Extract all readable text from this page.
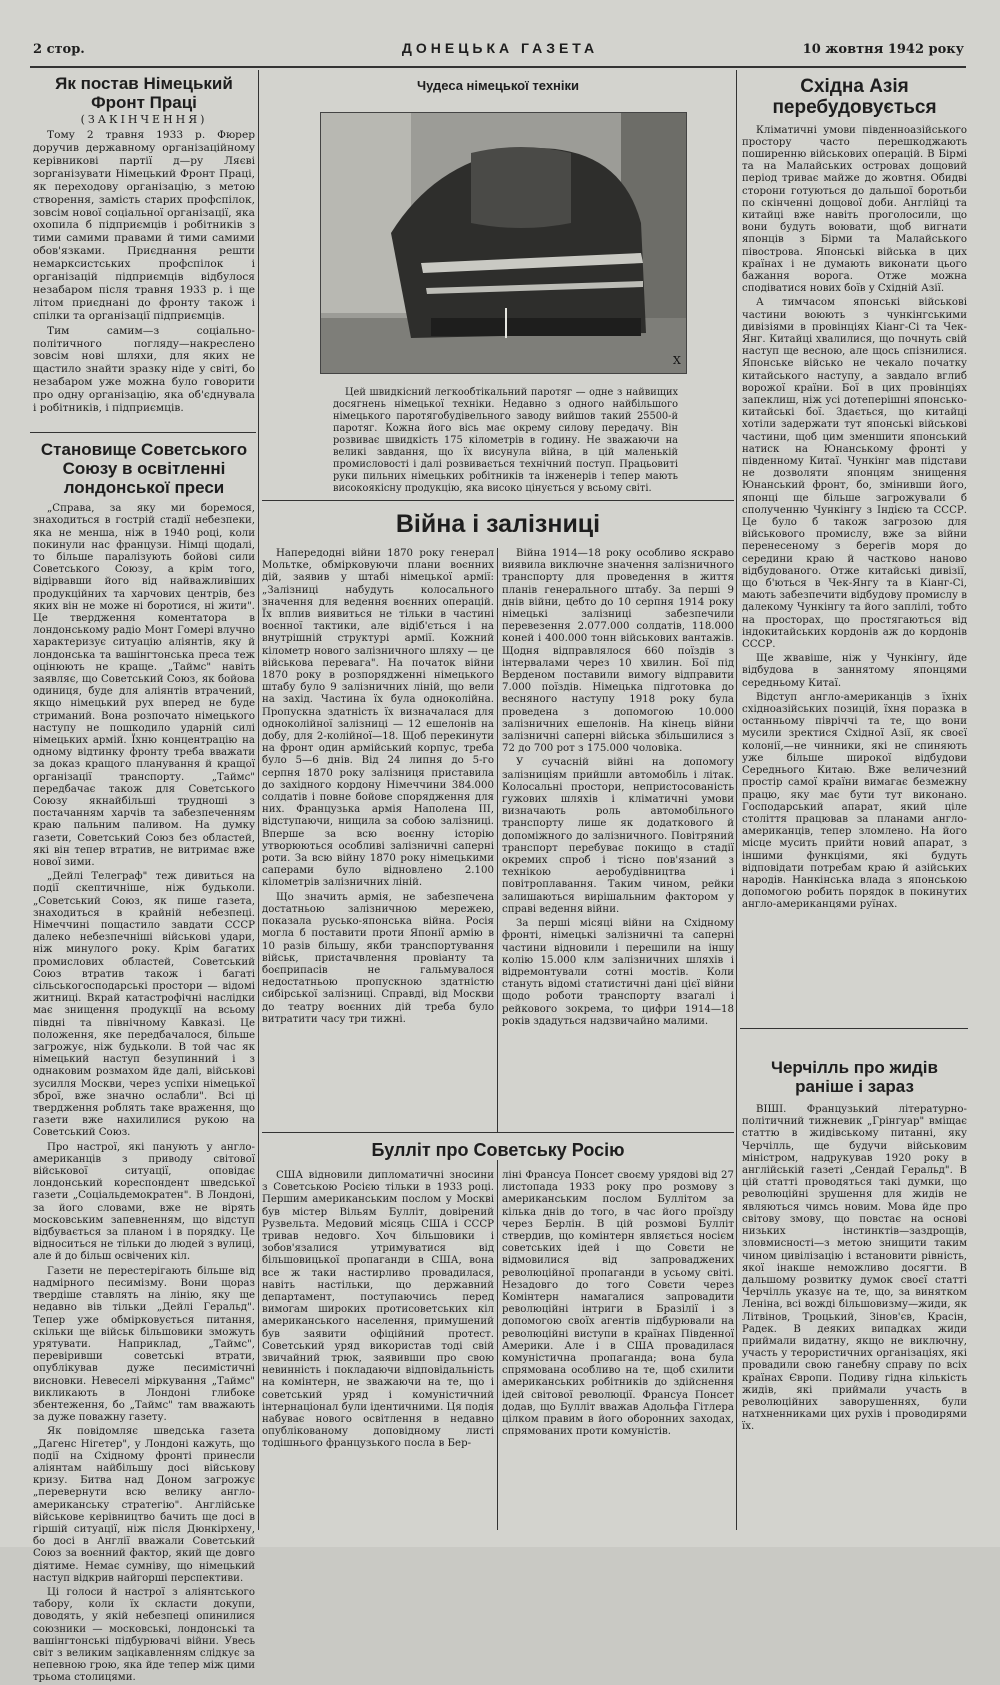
2 стор.	ДОНЕЦЬКА ГАЗЕТА	10 жовтня 1942 року
Як постав Німецький Фронт Праці
(ЗАКІНЧЕННЯ)

Тому 2 травня 1933 р. Фюрер доручив державному організаційному керівникові партії д—ру Ляєві зорганізувати Німецький Фронт Праці, як переходову організацію, з метою створення, замість старих профспілок, зовсім нової соціальної організації, яка охопила б підприємців і робітників з тими самими правами й тими самими обов'язками. Приєднання решти немарксистських профспілок і організацій підприємців відбулося незабаром після травня 1933 р. і ще літом приєднані до фронту також і спілки та організації підприємців.

Тим самим—з соціально-політичного погляду—накреслено зовсім нові шляхи, для яких не щастило знайти зразку ніде у світі, бо незабаром уже можна було говорити про одну організацію, яка об'єднувала і робітників, і підприємців.

Становище Советського Союзу в освітленні лондонської преси

„Справа, за яку ми боремося, знаходиться в гострій стадії небезпеки, яка не менша, ніж в 1940 році, коли покинули нас французи. Німці щодалі, то більше паралізують бойові сили Советського Союзу, а крім того, відірвавши його від найважливіших продукційних та харчових центрів, без яких він не може ні боротися, ні жити". Це твердження коментатора в лондонському радіо Монт Гомері влучно характеризує ситуацію аліянтів, яку й лондонська та вашінгтонська преса теж оцінюють не краще. „Таймс" навіть заявляє, що Советський Союз, як бойова одиниця, буде для аліянтів втрачений, якщо німецький рух вперед не буде стриманий. Вона розпочато німецького наступу не пошкодило ударній силі німецьких армій. Їхню концентрацію на одному відтинку фронту треба вважати за доказ кращого планування й кращої організації транспорту. „Таймс" передбачає також для Советського Союзу якнайбільші трудноші з постачанням харчів та забезпеченням краю пальним паливом. На думку газети, Советський Союз без областей, які він тепер втратив, не витримає вже нової зими.

„Дейлі Телеграф" теж дивиться на події скептичніше, ніж будьколи. „Советський Союз, як пише газета, знаходиться в крайній небезпеці. Німеччині пощастило завдати СССР далеко небезпечніші військові удари, ніж минулого року. Крім багатих промислових областей, Советський Союз втратив також і багаті сільськогосподарські простори — відомі житниці. Вкрай катастрофічні наслідки має знищення продукції на всьому півдні та північному Кавказі. Це положення, яке передбачалося, більше загрожує, ніж будьколи. В той час як німецький наступ безупинний і з однаковим розмахом йде далі, військові зусилля Москви, через успіхи німецької зброї, вже значно ослабли". Всі ці твердження роблять таке враження, що газети вже нахилилися рукою на Советський Союз.

Про настрої, які панують у англо-американців з приводу світової військової ситуації, оповідає лондонський кореспондент шведської газети „Соціальдемократен". В Лондоні, за його словами, вже не вірять московським запевненням, що відступ відбувається за планом і в порядку. Це відноситься не тільки до людей з вулиці, але й до більш освічених кіл.

Газети не перестерігають більше від надмірного песимізму. Вони щораз твердіше ставлять на лінію, яку ще недавно вів тільки „Дейлі Геральд". Тепер уже обмірковується питання, скільки ще військ більшовики зможуть урятувати. Наприклад, „Таймс", перевіривши советські втрати, опублікував дуже песимістичні висновки. Невеселі міркування „Таймс" викликають в Лондоні глибоке збентеження, бо „Таймс" там вважають за дуже поважну газету.

Як повідомляє шведська газета „Дагенс Нігетер", у Лондоні кажуть, що події на Східному фронті принесли аліянтам найбільшу досі військову кризу. Битва над Доном загрожує „перевернути всю велику англо-американську стратегію". Англійське військове керівництво бачить ще досі в гіршій ситуації, ніж після Дюнкірхену, бо досі в Англії вважали Советський Союз за воєнний фактор, який ще довго діятиме. Немає сумніву, що німецький наступ відкрив найгорші перспективи.

Ці голоси й настрої з аліянтського табору, коли їх скласти докупи, доводять, у якій небезпеці опинилися союзники — московські, лондонські та вашінгтонські підбурювачі війни. Увесь світ з великим зацікавленням слідкує за непевною грою, яка йде тепер між цими трьома столицями.

Чудеса німецької техніки
Х
Цей швидкісний легкообтікальний паротяг — одне з найвищих досягнень німецької техніки. Недавно з одного найбільшого німецького паротягобудівельного заводу вийшов такий 25500-й паротяг. Кожна його вісь має окрему силову передачу. Він розвиває швидкість 175 кілометрів в годину. Не зважаючи на великі завдання, що їх висунула війна, в цій маленькій промисловості і далі розвивається технічний поступ. Працьовиті руки пильних німецьких робітників та інженерів і тепер мають високоякісну продукцію, яка високо цінується у всьому світі.
Війна і залізниці

Напередодні війни 1870 року генерал Мольтке, обмірковуючи плани воєнних дій, заявив у штабі німецької армії: „Залізниці набудуть колосального значення для ведення воєнних операцій. Їх вплив виявиться не тільки в частині воєнної тактики, але відіб'ється і на внутрішній структурі армії. Кожний кілометр нового залізничного шляху — це військова перевага". На початок війни 1870 року в розпорядженні німецького штабу було 9 залізничних ліній, що вели на захід. Частина їх була одноколійна. Пропускна здатність їх визначалася для одноколійної залізниці — 12 ешелонів на добу, для 2-колійної—18. Щоб перекинути на фронт один армійський корпус, треба було 5—6 днів. Від 24 липня до 5-го серпня 1870 року залізниця приставила до західного кордону Німеччини 384.000 солдатів і повне бойове спорядження для них. Французька армія Наполена III, відступаючи, нищила за собою залізниці. Вперше за всю воєнну історію утворюються особливі залізничні саперні роти. За всю війну 1870 року німецькими саперами було відновлено 2.100 кілометрів залізничних ліній.

Що значить армія, не забезпечена достатньою залізничною мережею, показала русько-японська війна. Росія могла б поставити проти Японії армію в 10 разів більшу, якби транспортування військ, пристачвлення провіанту та боєприпасів не гальмувалося недостатньою пропускною здатністю сибірської залізниці. Справді, від Москви до театру воєнних дій треба було витратити часу три тижні.

Війна 1914—18 року особливо яскраво виявила виключне значення залізничного транспорту для проведення в життя планів генерального штабу. За перші 9 днів війни, цебто до 10 серпня 1914 року німецькі залізниці забезпечили перевезення 2.077.000 солдатів, 118.000 коней і 400.000 тонн військових вантажів. Щодня відправлялося 660 поїздів з інтервалами через 10 хвилин. Бої під Верденом поставили вимогу відправити 7.000 поїздів. Німецька підготовка до весняного наступу 1918 року була проведена з допомогою 10.000 залізничних ешелонів. На кінець війни залізничні саперні війська збільшилися з 72 до 700 рот з 175.000 чоловіка.

У сучасній війні на допомогу залізниціям прийшли автомобіль і літак. Колосальні простори, непристосованість гужових шляхів і кліматичні умови визначають роль автомобільного транспорту лише як додаткового й допоміжного до залізничного. Повітряний транспорт перебуває покищо в стадії окремих спроб і тісно пов'язаний з технікою аеробудівництва і повітроплавання. Таким чином, рейки залишаються вирішальним фактором у справі ведення війни.

За перші місяці війни на Східному фронті, німецькі залізничні та саперні частини відновили і перешили на іншу колію 15.000 клм залізничних шляхів і відремонтували сотні мостів. Коли стануть відомі статистичні дані цієї війни щодо роботи транспорту взагалі і рейкового зокрема, то цифри 1914—18 років здадуться надзвичайно малими.

Буллiт про Советську Росію

США відновили дипломатичні зносини з Советською Росією тільки в 1933 році. Першим американським послом у Москві був містер Вільям Булліт, довірений Рузвельта. Медовий місяць США і СССР тривав недовго. Хоч більшовики і зобов'язалися утримуватися від більшовицької пропаганди в США, вона все ж таки настирливо провадилася, навіть настільки, що державний департамент, поступаючись перед вимогам широких протисоветських кіл американського населення, примушений був заявити офіційний протест. Советський уряд використав тоді свій звичайний трюк, заявивши про свою невинність і покладаючи відповідальність на комінтерн, не зважаючи на те, що і советський уряд і комуністичний інтернаціонал були ідентичними. Ця подія набуває нового освітлення в недавно опублікованому доповідному листі тодішнього французького посла в Бер-

ліні Франсуа Понсет своєму урядові від 27 листопада 1933 року про розмову з американським послом Буллітом за кілька днів до того, в час його проїзду через Берлін. В цій розмові Булліт ствердив, що комінтерн являється носієм советських ідей і що Совєти не відмовилися від запроваджених революційної пропаганди в усьому світі. Незадовго до того Совєти через Комінтерн намагалися запровадити революційні інтриги в Бразілії і з допомогою своїх агентів підбурювали на революційні виступи в країнах Південної Америки. Але і в США провадилася комуністична пропаганда; вона була спрямована особливо на те, щоб схилити американських робітників до здійснення ідей світової революції. Франсуа Понсет додав, що Булліт вважав Адольфа Гітлера цілком правим в його оборонних заходах, спрямованих проти комуністів.

Східна Азія перебудовується

Кліматичні умови південноазійського простору часто перешкоджають поширенню військових операцій. В Бірмі та на Малайських островах дощовий період триває майже до жовтня. Обидві сторони готуються до дальшої боротьби по скінченні дощової доби. Англійці та китайці вже навіть проголосили, що вони будуть воювати, щоб вигнати японців з Бірми та Малайського півострова. Японські війська в цих країнах і не думають виконати цього бажання ворога. Отже можна сподіватися нових боїв у Східній Азії.

А тимчасом японські військові частини воюють з чункінгськими дивізіями в провінціях Кіанг-Сі та Чек-Янг. Китайці хвалилися, що почнуть свій наступ ще весною, але щось спізнилися. Японське військо не чекало початку китайського наступу, а завдало вглиб ворожої країни. Бої в цих провінціях запеклиш, ніж усі дотеперішні японсько-китайські бої. Здається, що китайці хотіли задержати тут японські військові частини, щоб цим зменшити японський натиск на Юнанському фронті у південному Китаї. Чункінг мав підстави не дозволяти японцям знищення Юнанський фронт, бо, змінивши його, японці ще більше загрожували б сполученню Чункінгу з Індією та СССР. Це було б також загрозою для військового промислу, вже за війни перенесеному з берегів моря до середини краю й частково наново відбудованого. Отже китайські дивізії, що б'ються в Чек-Янгу та в Кіанг-Сі, мають забезпечити відбудову промислу в далекому Чункінгу та його заплілі, тобто на просторах, що простягаються від індокитайських кордонів аж до кордонів СССР.

Ще жвавіше, ніж у Чункінгу, йде відбудова в заннятому японцями середньому Китаї.

Відступ англо-американців з їхніх східноазійських позицій, їхня поразка в останньому півріччі та те, що вони мусили зректися Східної Азії, як своєї колонії,—не чинники, які не спиняють уже більше широкої відбудови Середнього Китаю. Вже величезний простір самої країни вимагає безмежну працю, яку має бути тут виконано. Господарський апарат, який ціле століття працював за планами англо-американців, тепер зломлено. На його місце мусить прийти новий апарат, з іншими функціями, які будуть відповідати потребам краю й азійських народів. Нанкінська влада з японською допомогою робить порядок в покинутих англо-американцями руїнах.

Черчілль про жидів раніше і зараз

ВІШІ. Французький літературно-політичний тижневик „Грінгуар" вміщає статтю в жидівському питанні, яку Черчілль, ще будучи військовим міністром, надрукував 1920 року в англійській газеті „Сендай Геральд". В цій статті проводяться такі думки, що революційні зрушення для жидів не являються чимсь новим. Мова йде про світову змову, що повстає на основі низьких інстинктів—заздрощів, зловмисності—з метою знищити таким чином цивілізацію і встановити рівність, якої інакше неможливо досягти. В дальшому розвитку думок своєї статті Черчілль указує на те, що, за винятком Леніна, всі вожді більшовизму—жиди, як Літвінов, Троцький, Зінов'єв, Красін, Радек. В деяких випадках жиди приймали видатну, якщо не виключну, участь у терористичних організаціях, які провадили свою ганебну справу по всіх країнах Європи. Подиву гідна кількість жидів, які приймали участь в революційних заворушеннях, були натхненниками цих рухів і проводирями їх.
